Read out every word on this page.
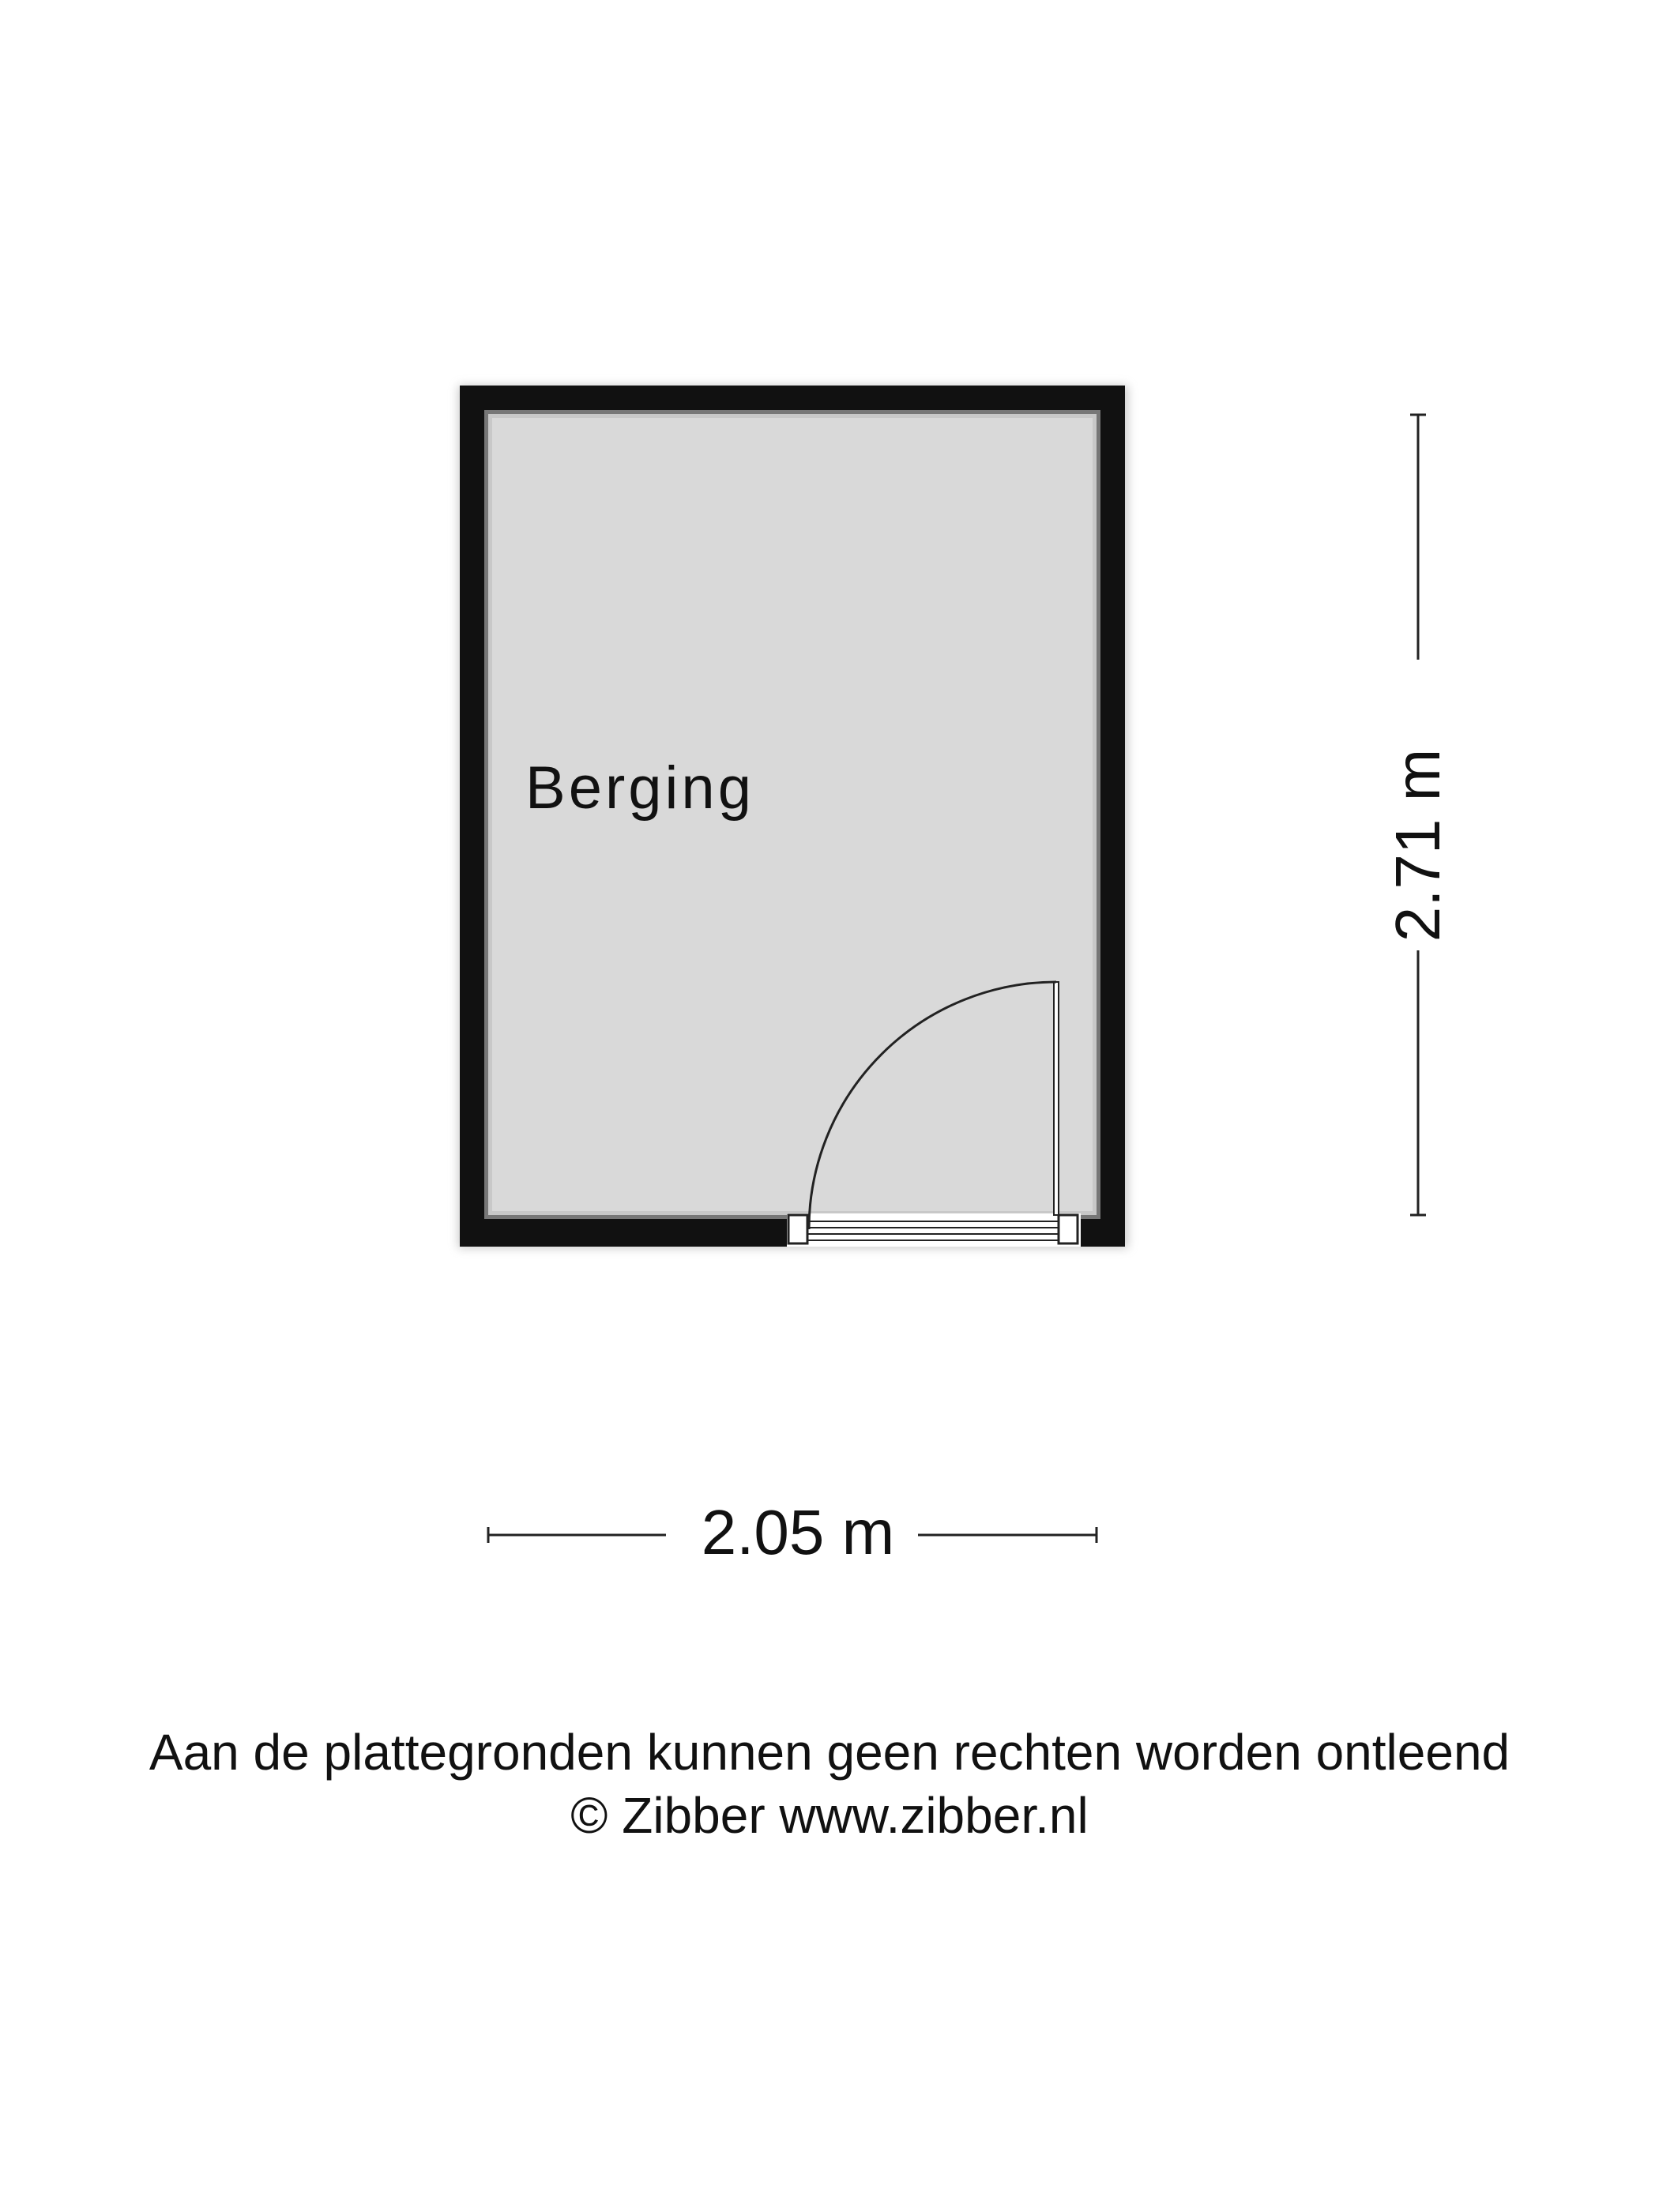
Berging	2.71 m
2.05 m
Aan de plattegronden kunnen geen rechten worden ontleend
© Zibber www.zibber.nl
